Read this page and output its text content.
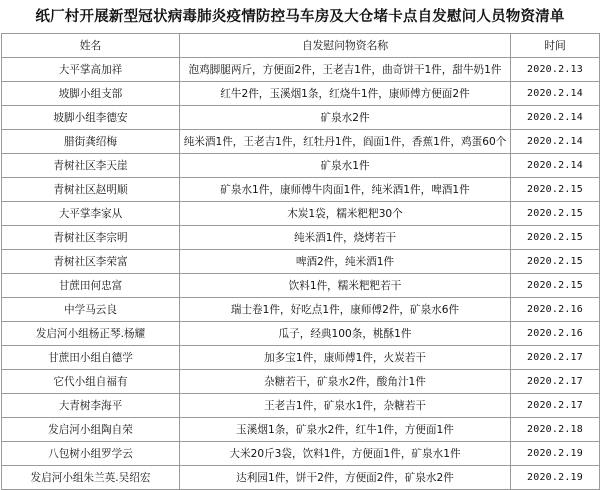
纸厂村开展新型冠状病毒肺炎疫情防控马车房及大仓堵卡点自发慰问人员物资清单
姓名	自发慰问物资名称	时间
大平掌高加祥	泡鸡脚腿两斤，方便面2件，王老吉1件，曲奇饼干1件，甜牛奶1件	2020.2.13
坡脚小组支部	红牛2件，玉溪烟1条，红烧牛1件，康师傅方便面2件	2020.2.14
坡脚小组李德安	矿泉水2件	2020.2.14
腊街龚绍梅	纯米酒1件，王老吉1件，红牡丹1件，阎面1件，香蕉1件，鸡蛋60个	2020.2.14
青树社区李天崖	矿泉水1件	2020.2.14
青树社区赵明顺	矿泉水1件，康师傅牛肉面1件，纯米酒1件，啤酒1件	2020.2.15
大平掌李家从	木炭1袋，糯米粑粑30个	2020.2.15
青树社区李宗明	纯米酒1件，烧烤若干	2020.2.15
青树社区李荣富	啤酒2件，纯米酒1件	2020.2.15
甘蔗田何忠富	饮料1件，糯米粑粑若干	2020.2.15
中学马云良	瑞士卷1件，好吃点1件，康师傅2件，矿泉水6件	2020.2.16
发启河小组杨正琴.杨耀	瓜子，经典100条，桃酥1件	2020.2.16
甘蔗田小组自德学	加多宝1件，康师傅1件，火炭若干	2020.2.17
它代小组自福有	杂糖若干，矿泉水2件，酸角汁1件	2020.2.17
大青树李海平	王老吉1件，矿泉水1件，杂糖若干	2020.2.17
发启河小组陶自荣	玉溪烟1条，矿泉水2件，红牛1件，方便面1件	2020.2.18
八包树小组罗学云	大米20斤3袋，饮料1件，方便面1件，矿泉水1件	2020.2.19
发启河小组朱兰英.吴绍宏	达利园1件，饼干2件，方便面2件，矿泉水2件	2020.2.19
